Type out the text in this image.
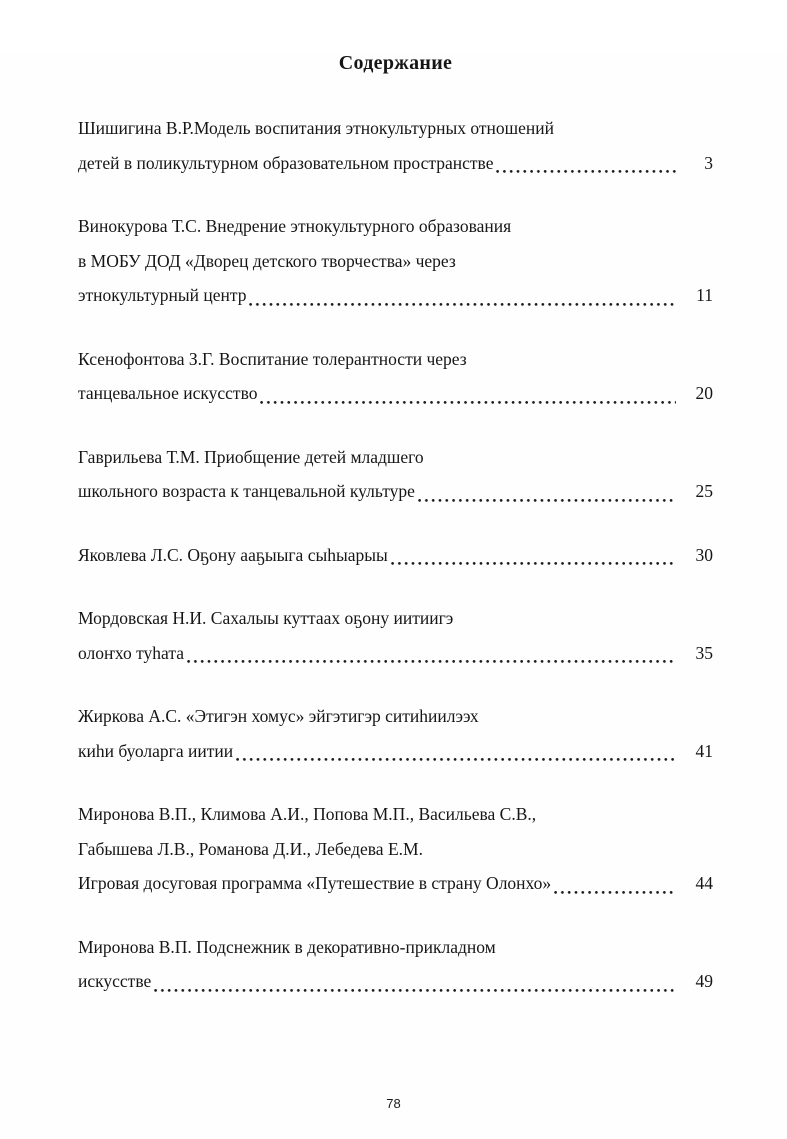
Содержание
Шишигина В.Р.Модель воспитания этнокультурных отношений
детей в поликультурном образовательном пространстве	3
Винокурова Т.С. Внедрение этнокультурного образования
в МОБУ ДОД «Дворец детского творчества» через
этнокультурный центр	11
Ксенофонтова З.Г. Воспитание толерантности через
танцевальное искусство	20
Гаврильева Т.М. Приобщение детей младшего
школьного возраста к танцевальной культуре	25
Яковлева Л.С. Оҕону ааҕыыга сыһыарыы	30
Мордовская Н.И. Сахалыы куттаах оҕону иитиигэ
олоҥхо туһата	35
Жиркова А.С. «Этигэн хомус» эйгэтигэр ситиһиилээх
киһи буоларга иитии	41
Миронова В.П., Климова А.И., Попова М.П., Васильева С.В.,
Габышева Л.В., Романова Д.И., Лебедева Е.М.
Игровая досуговая программа «Путешествие в страну Олонхо»	44
Миронова В.П. Подснежник в декоративно-прикладном
искусстве	49
78
